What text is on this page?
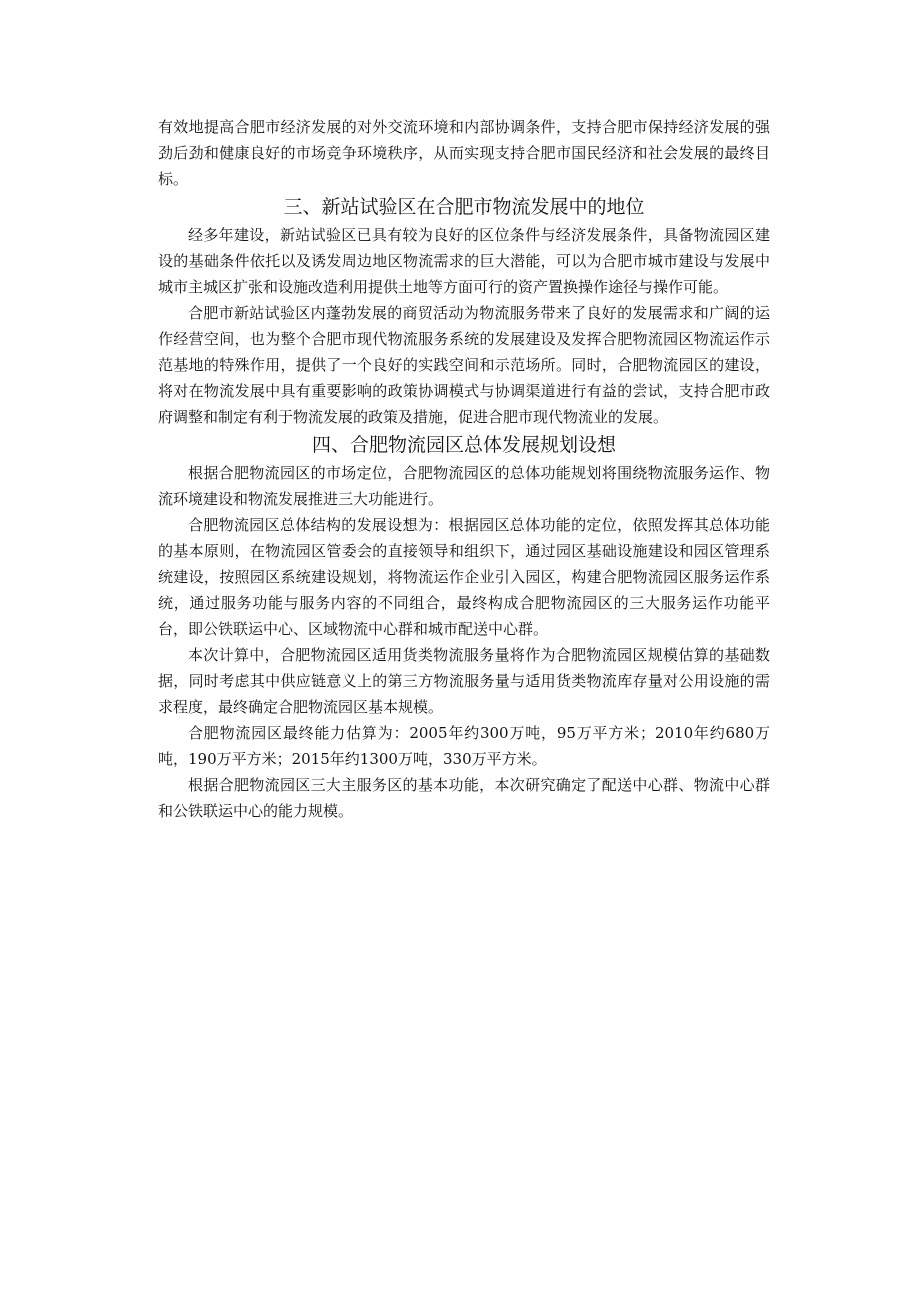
有效地提高合肥市经济发展的对外交流环境和内部协调条件，支持合肥市保持经济发展的强劲后劲和健康良好的市场竞争环境秩序，从而实现支持合肥市国民经济和社会发展的最终目标。

三、新站试验区在合肥市物流发展中的地位

经多年建设，新站试验区已具有较为良好的区位条件与经济发展条件，具备物流园区建设的基础条件依托以及诱发周边地区物流需求的巨大潜能，可以为合肥市城市建设与发展中城市主城区扩张和设施改造利用提供土地等方面可行的资产置换操作途径与操作可能。

合肥市新站试验区内蓬勃发展的商贸活动为物流服务带来了良好的发展需求和广阔的运作经营空间，也为整个合肥市现代物流服务系统的发展建设及发挥合肥物流园区物流运作示范基地的特殊作用，提供了一个良好的实践空间和示范场所。同时，合肥物流园区的建设，将对在物流发展中具有重要影响的政策协调模式与协调渠道进行有益的尝试，支持合肥市政府调整和制定有利于物流发展的政策及措施，促进合肥市现代物流业的发展。

四、合肥物流园区总体发展规划设想

根据合肥物流园区的市场定位，合肥物流园区的总体功能规划将围绕物流服务运作、物流环境建设和物流发展推进三大功能进行。

合肥物流园区总体结构的发展设想为：根据园区总体功能的定位，依照发挥其总体功能的基本原则，在物流园区管委会的直接领导和组织下，通过园区基础设施建设和园区管理系统建设，按照园区系统建设规划，将物流运作企业引入园区，构建合肥物流园区服务运作系统，通过服务功能与服务内容的不同组合，最终构成合肥物流园区的三大服务运作功能平台，即公铁联运中心、区域物流中心群和城市配送中心群。

本次计算中，合肥物流园区适用货类物流服务量将作为合肥物流园区规模估算的基础数据，同时考虑其中供应链意义上的第三方物流服务量与适用货类物流库存量对公用设施的需求程度，最终确定合肥物流园区基本规模。

合肥物流园区最终能力估算为：2005年约300万吨，95万平方米；2010年约680万吨，190万平方米；2015年约1300万吨，330万平方米。

根据合肥物流园区三大主服务区的基本功能，本次研究确定了配送中心群、物流中心群和公铁联运中心的能力规模。
